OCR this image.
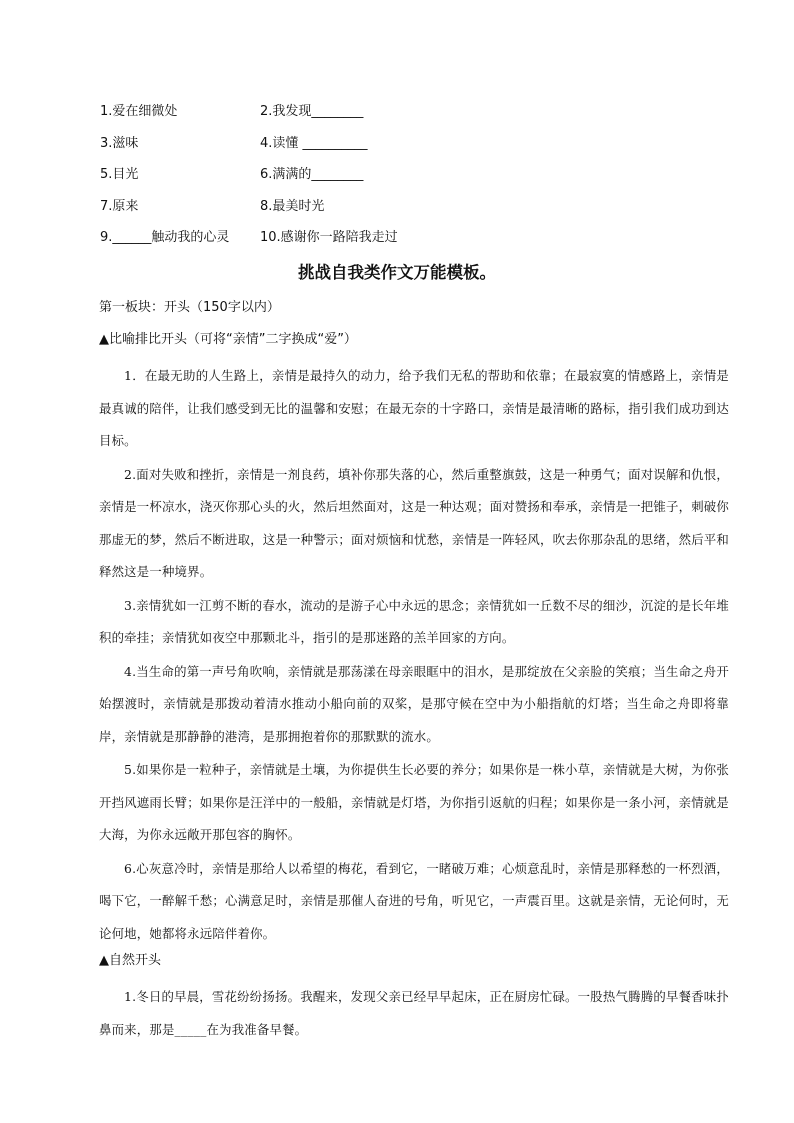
1.爱在细微处	2.我发现________
3.滋味	4.读懂 __________
5.目光	6.满满的________
7.原来	8.最美时光
9.______触动我的心灵 10.感谢你一路陪我走过
挑战自我类作文万能模板。
第一板块：开头（150字以内）
▲比喻排比开头（可将“亲情”二字换成“爱”）

1．在最无助的人生路上，亲情是最持久的动力，给予我们无私的帮助和依靠；在最寂寞的情感路上，亲情是最真诚的陪伴，让我们感受到无比的温馨和安慰；在最无奈的十字路口，亲情是最清晰的路标，指引我们成功到达目标。

2.面对失败和挫折，亲情是一剂良药，填补你那失落的心，然后重整旗鼓，这是一种勇气；面对误解和仇恨，亲情是一杯凉水，浇灭你那心头的火，然后坦然面对，这是一种达观；面对赞扬和奉承，亲情是一把锥子，刺破你那虚无的梦，然后不断进取，这是一种警示；面对烦恼和忧愁，亲情是一阵轻风，吹去你那杂乱的思绪，然后平和释然这是一种境界。

3.亲情犹如一江剪不断的春水，流动的是游子心中永远的思念；亲情犹如一丘数不尽的细沙，沉淀的是长年堆积的牵挂；亲情犹如夜空中那颗北斗，指引的是那迷路的羔羊回家的方向。

4.当生命的第一声号角吹响，亲情就是那荡漾在母亲眼眶中的泪水，是那绽放在父亲脸的笑痕；当生命之舟开始摆渡时，亲情就是那拨动着清水推动小船向前的双桨，是那守候在空中为小船指航的灯塔；当生命之舟即将靠岸，亲情就是那静静的港湾，是那拥抱着你的那默默的流水。

5.如果你是一粒种子，亲情就是土壤，为你提供生长必要的养分；如果你是一株小草，亲情就是大树，为你张开挡风遮雨长臂；如果你是汪洋中的一般船，亲情就是灯塔，为你指引返航的归程；如果你是一条小河，亲情就是大海，为你永远敞开那包容的胸怀。

6.心灰意冷时，亲情是那给人以希望的梅花，看到它，一睹破万难；心烦意乱时，亲情是那释愁的一杯烈酒，喝下它，一醉解千愁；心满意足时，亲情是那催人奋进的号角，听见它，一声震百里。这就是亲情，无论何时，无论何地，她都将永远陪伴着你。

▲自然开头

1.冬日的早晨，雪花纷纷扬扬。我醒来，发现父亲已经早早起床，正在厨房忙碌。一股热气腾腾的早餐香味扑鼻而来，那是_____在为我准备早餐。
